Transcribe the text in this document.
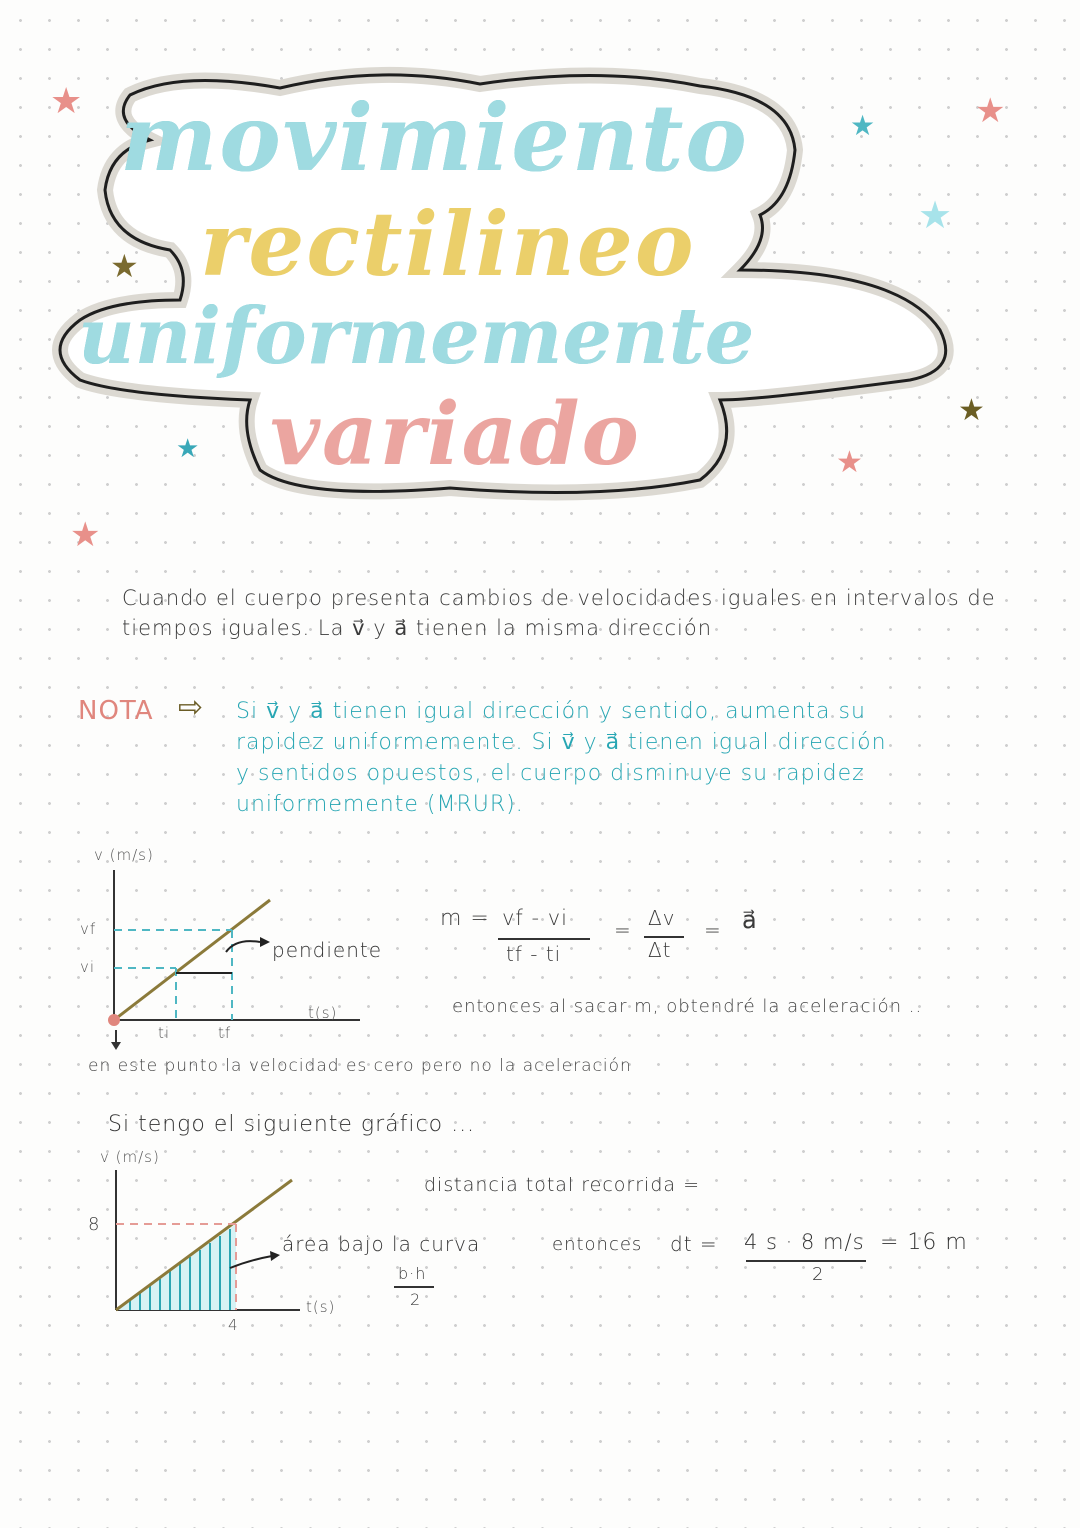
★	★
★
★
★
★
★
★
★
movimiento
rectilineo
uniformemente
variado
Cuando el cuerpo presenta cambios de velocidades iguales en intervalos de
tiempos iguales. La v⃗ y a⃗ tienen la misma dirección
NOTA ⇨ Si v⃗ y a⃗ tienen igual dirección y sentido, aumenta su
rapidez uniformemente. Si v⃗ y a⃗ tienen igual dirección
y sentidos opuestos, el cuerpo disminuye su rapidez
uniformemente (MRUR).
v (m/s)
vf
vi
ti	tf
t(s)
pendiente
en este punto la velocidad es cero pero no la aceleración
m = vf - vi
tf - ti
= Δv
Δt
= a⃗
entonces al sacar m, obtendré la aceleración ..
Si tengo el siguiente gráfico ...
v (m/s)
8
4
t(s)
área bajo la curva
b·h
2
distancia total recorrida =
entonces dt = 4 s · 8 m/s
2
= 16 m
